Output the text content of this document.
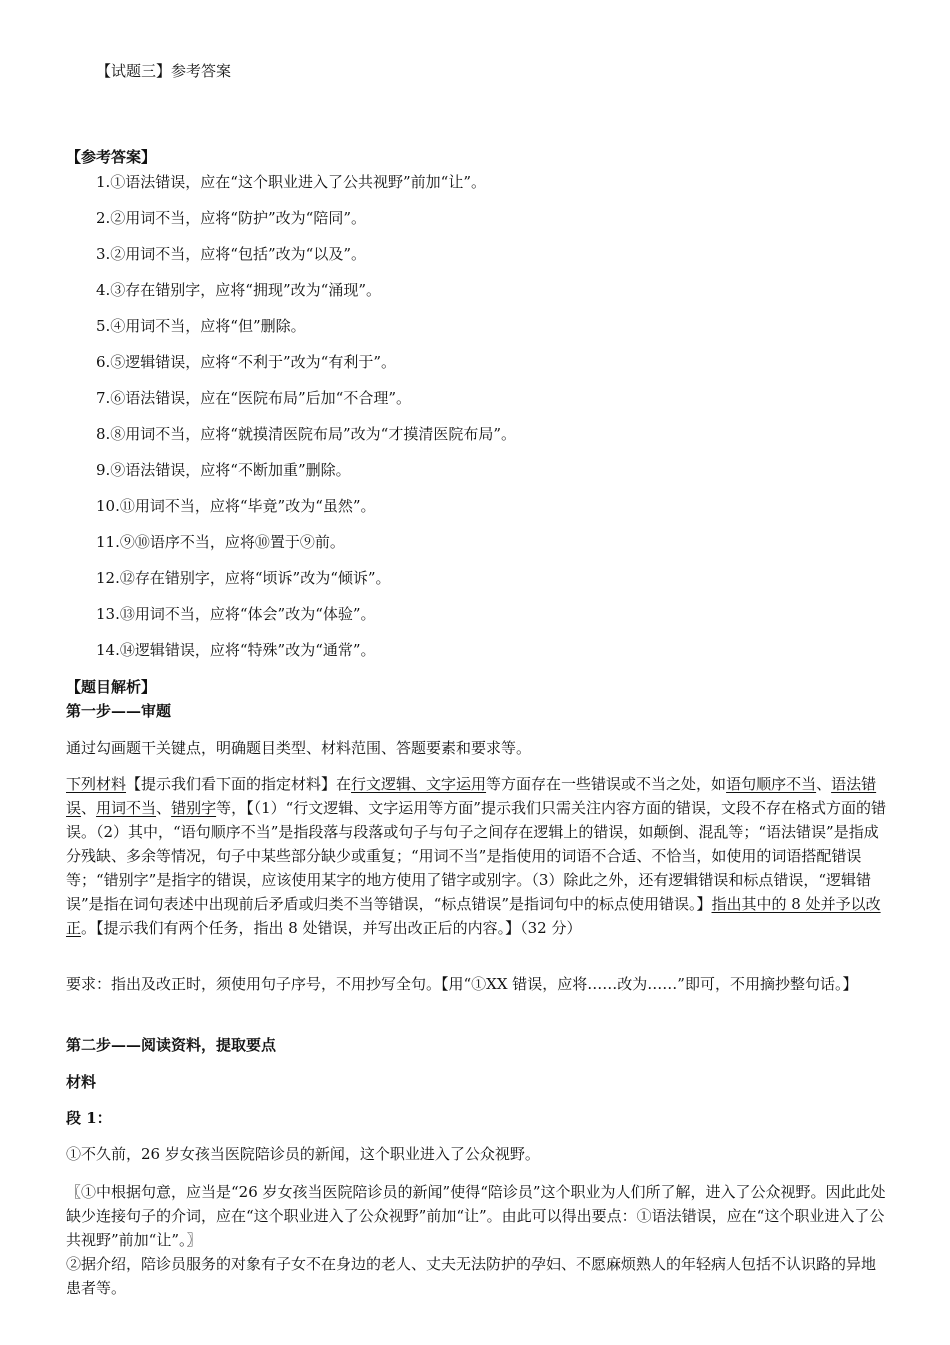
【试题三】参考答案
【参考答案】
1.①语法错误，应在“这个职业进入了公共视野”前加“让”。
2.②用词不当，应将“防护”改为“陪同”。
3.②用词不当，应将“包括”改为“以及”。
4.③存在错别字，应将“拥现”改为“涌现”。
5.④用词不当，应将“但”删除。
6.⑤逻辑错误，应将“不利于”改为“有利于”。
7.⑥语法错误，应在“医院布局”后加“不合理”。
8.⑧用词不当，应将“就摸清医院布局”改为“才摸清医院布局”。
9.⑨语法错误，应将“不断加重”删除。
10.⑪用词不当，应将“毕竟”改为“虽然”。
11.⑨⑩语序不当，应将⑩置于⑨前。
12.⑫存在错别字，应将“顷诉”改为“倾诉”。
13.⑬用词不当，应将“体会”改为“体验”。
14.⑭逻辑错误，应将“特殊”改为“通常”。
【题目解析】
第一步——审题

通过勾画题干关键点，明确题目类型、材料范围、答题要素和要求等。

下列材料【提示我们看下面的指定材料】在行文逻辑、文字运用等方面存在一些错误或不当之处，如语句顺序不当、语法错误、用词不当、错别字等，【（1）“行文逻辑、文字运用等方面”提示我们只需关注内容方面的错误，文段不存在格式方面的错误。（2）其中，“语句顺序不当”是指段落与段落或句子与句子之间存在逻辑上的错误，如颠倒、混乱等；“语法错误”是指成分残缺、多余等情况，句子中某些部分缺少或重复；“用词不当”是指使用的词语不合适、不恰当，如使用的词语搭配错误等；“错别字”是指字的错误，应该使用某字的地方使用了错字或别字。（3）除此之外，还有逻辑错误和标点错误，“逻辑错误”是指在词句表述中出现前后矛盾或归类不当等错误，“标点错误”是指词句中的标点使用错误。】指出其中的 8 处并予以改正。【提示我们有两个任务，指出 8 处错误，并写出改正后的内容。】（32 分）

要求：指出及改正时，须使用句子序号，不用抄写全句。【用“①XX 错误，应将……改为……”即可，不用摘抄整句话。】

第二步——阅读资料，提取要点
材料
段 1：

①不久前，26 岁女孩当医院陪诊员的新闻，这个职业进入了公众视野。

〖①中根据句意，应当是“26 岁女孩当医院陪诊员的新闻”使得“陪诊员”这个职业为人们所了解，进入了公众视野。因此此处缺少连接句子的介词，应在“这个职业进入了公众视野”前加“让”。由此可以得出要点：①语法错误，应在“这个职业进入了公共视野”前加“让”。〗

②据介绍，陪诊员服务的对象有子女不在身边的老人、丈夫无法防护的孕妇、不愿麻烦熟人的年轻病人包括不认识路的异地患者等。
